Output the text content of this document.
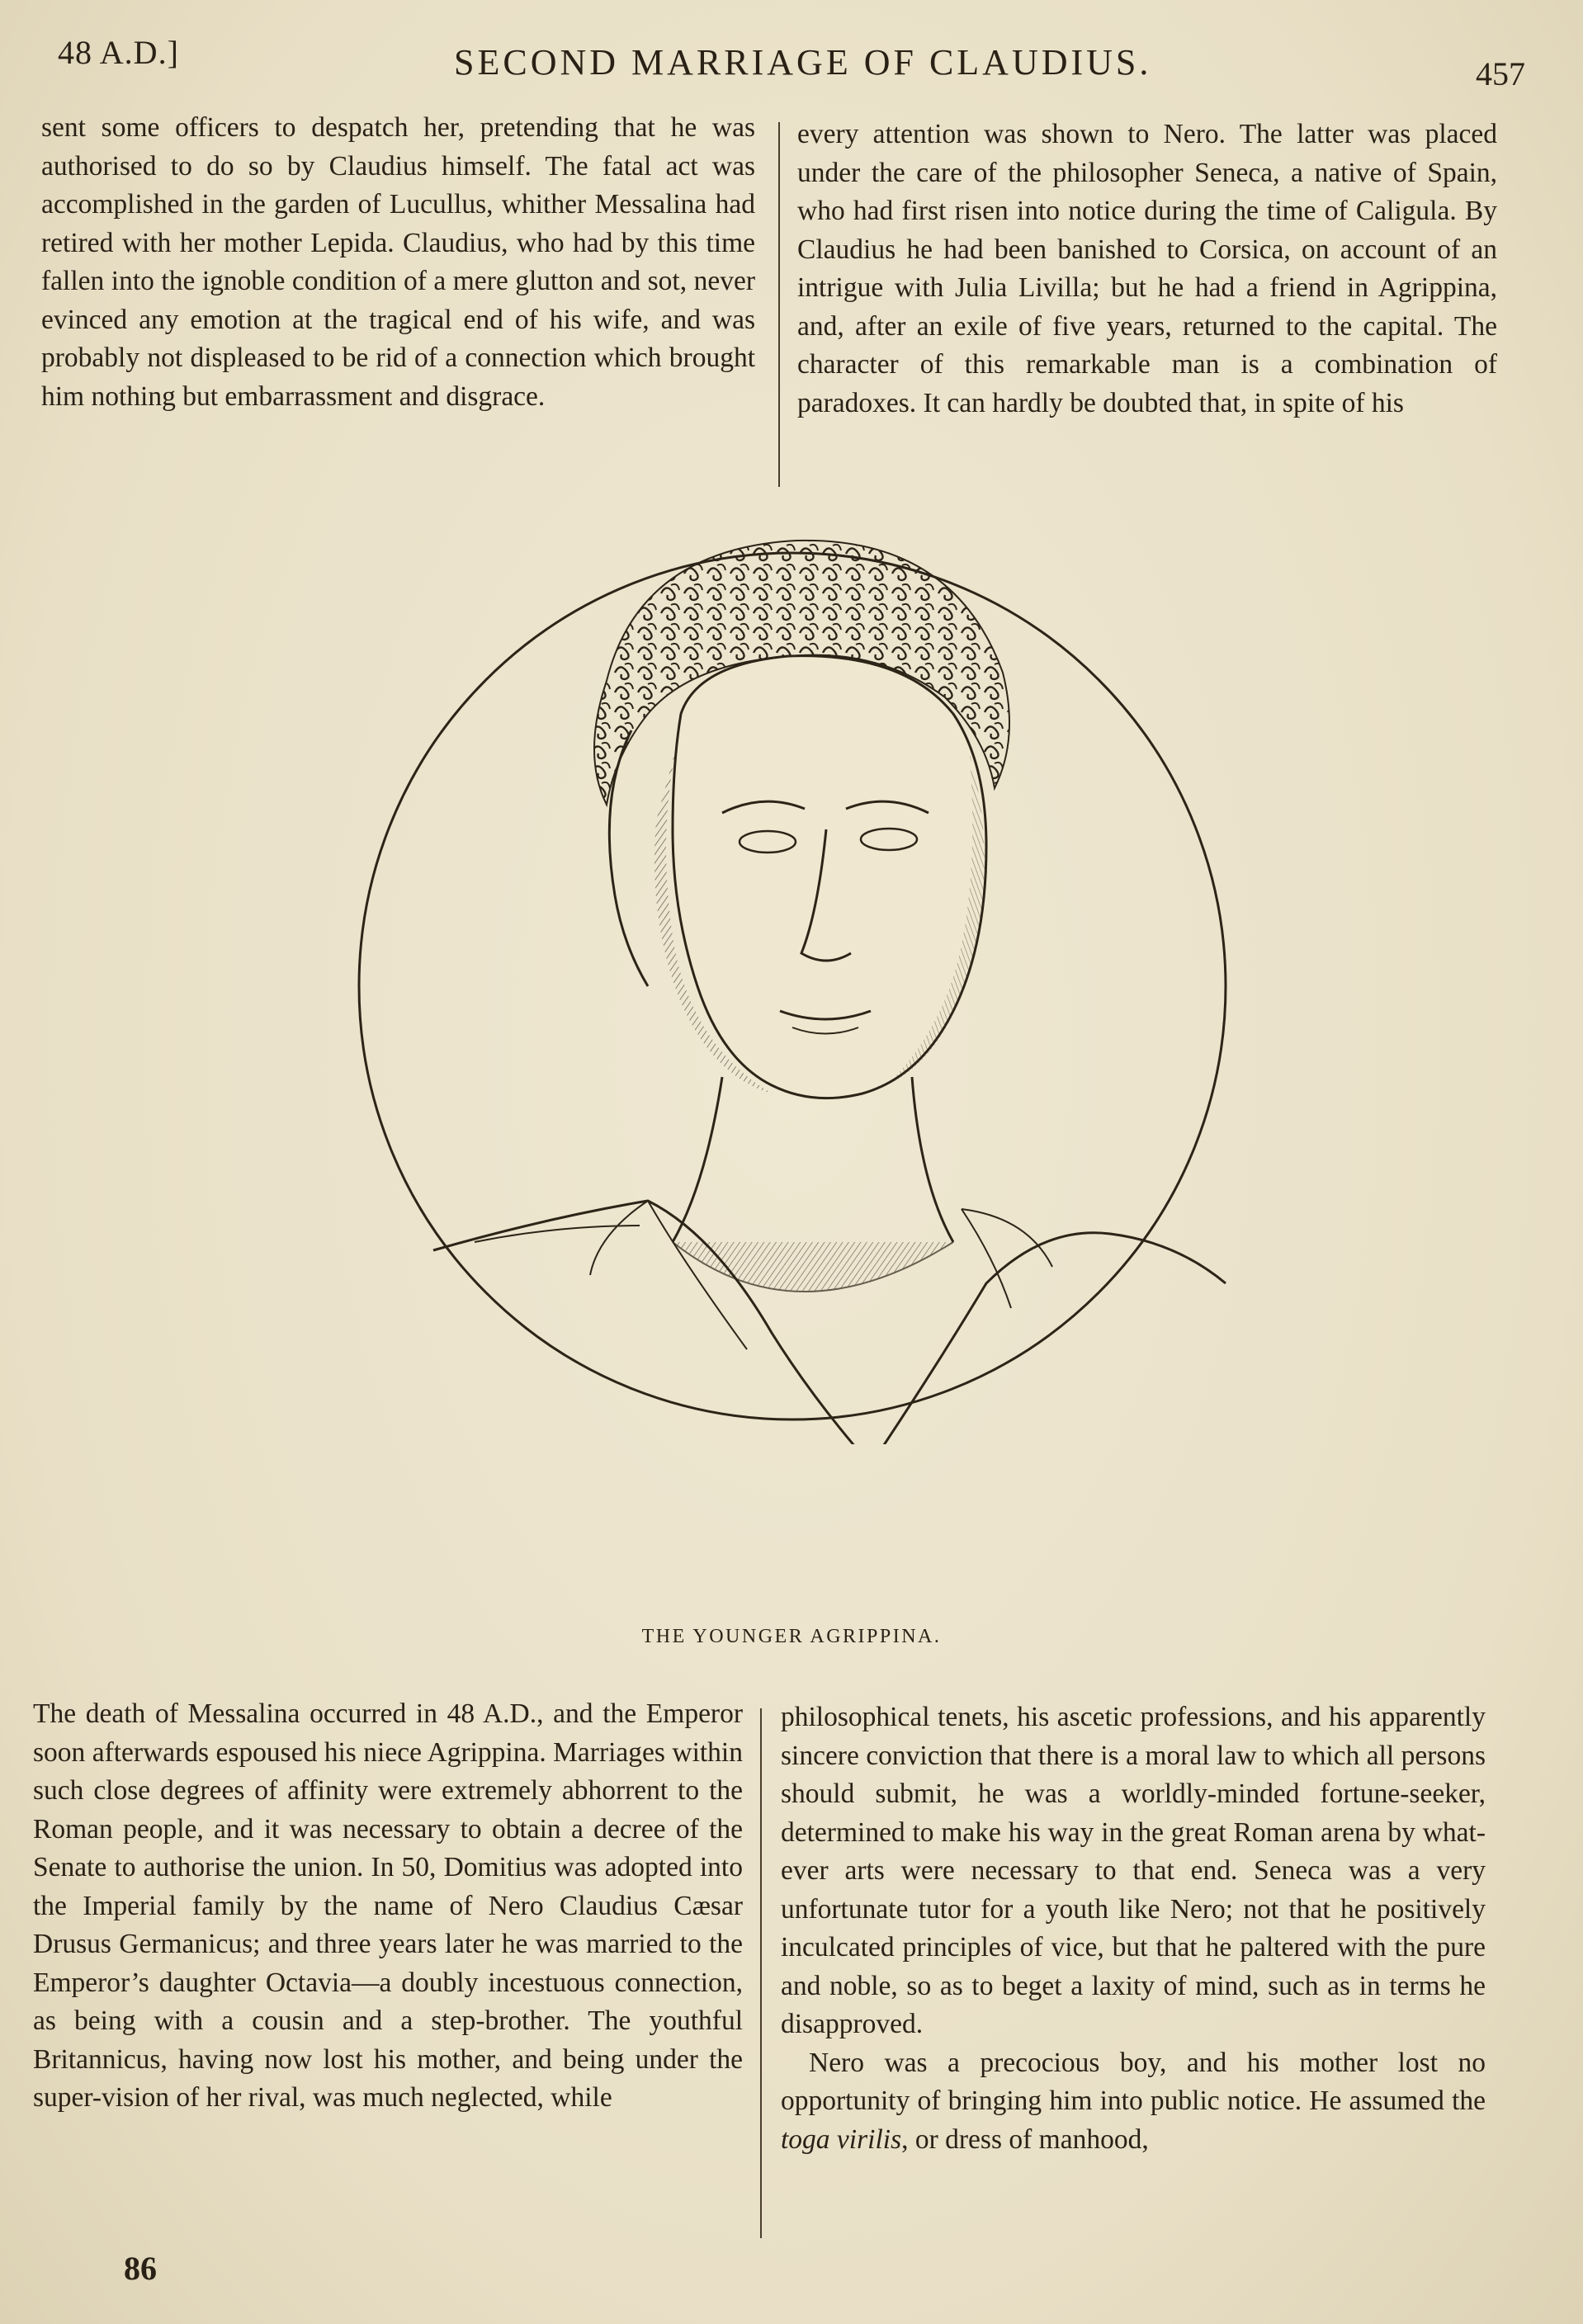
48 A.D.]	SECOND MARRIAGE OF CLAUDIUS.	457

sent some officers to despatch her, pretending that he was authorised to do so by Claudius himself. The fatal act was accomplished in the garden of Lucullus, whither Messalina had retired with her mother Lepida. Claudius, who had by this time fallen into the ignoble condition of a mere glutton and sot, never evinced any emotion at the tragical end of his wife, and was probably not displeased to be rid of a connection which brought him nothing but embarrassment and disgrace.

every attention was shown to Nero. The latter was placed under the care of the philosopher Seneca, a native of Spain, who had first risen into notice during the time of Caligula. By Claudius he had been banished to Corsica, on account of an intrigue with Julia Livilla; but he had a friend in Agrippina, and, after an exile of five years, returned to the capital. The character of this remarkable man is a combination of paradoxes. It can hardly be doubted that, in spite of his

THE YOUNGER AGRIPPINA.

The death of Messalina occurred in 48 A.D., and the Emperor soon afterwards espoused his niece Agrippina. Marriages within such close degrees of affinity were extremely abhorrent to the Roman people, and it was necessary to obtain a decree of the Senate to authorise the union. In 50, Domitius was adopted into the Imperial family by the name of Nero Claudius Cæsar Drusus Germanicus; and three years later he was married to the Emperor’s daughter Octavia—a doubly incestuous connection, as being with a cousin and a step-brother. The youthful Britannicus, having now lost his mother, and being under the super-vision of her rival, was much neglected, while

philosophical tenets, his ascetic professions, and his apparently sincere conviction that there is a moral law to which all persons should submit, he was a worldly-minded fortune-seeker, determined to make his way in the great Roman arena by what-ever arts were necessary to that end. Seneca was a very unfortunate tutor for a youth like Nero; not that he positively inculcated principles of vice, but that he paltered with the pure and noble, so as to beget a laxity of mind, such as in terms he disapproved.

Nero was a precocious boy, and his mother lost no opportunity of bringing him into public notice. He assumed the toga virilis, or dress of manhood,

86
